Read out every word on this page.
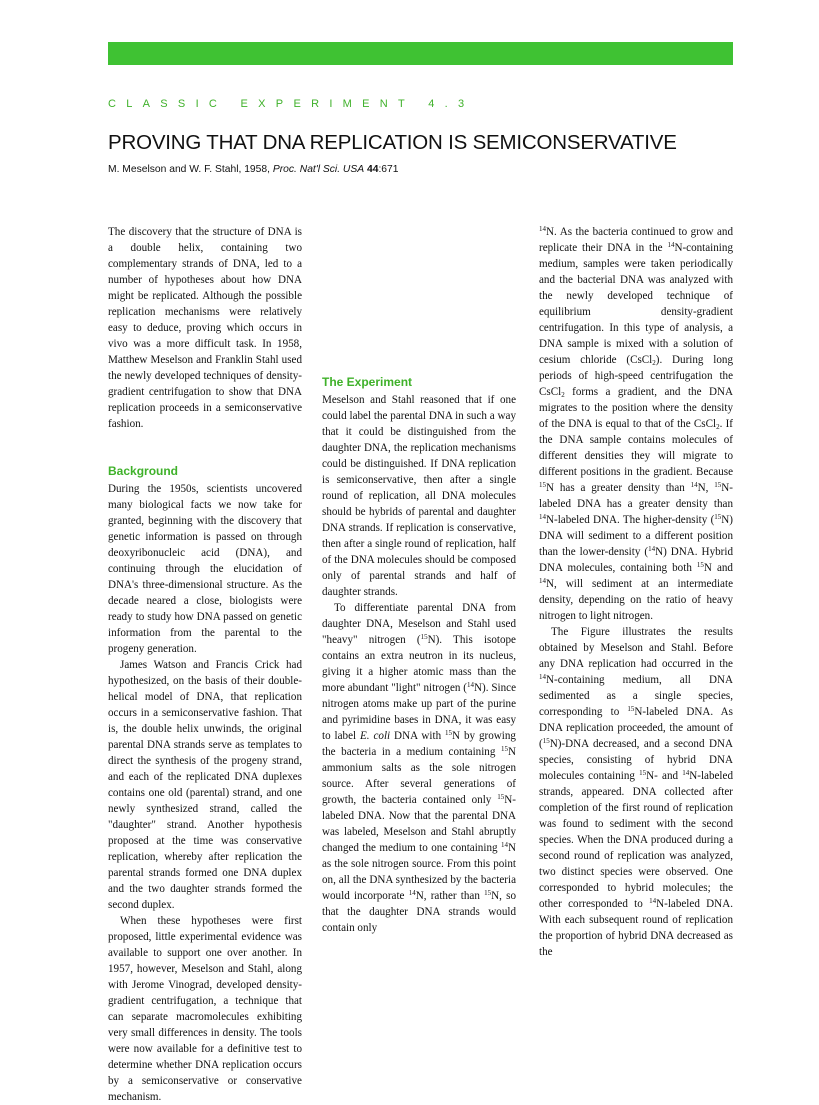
CLASSIC EXPERIMENT 4.3
PROVING THAT DNA REPLICATION IS SEMICONSERVATIVE
M. Meselson and W. F. Stahl, 1958, Proc. Nat'l Sci. USA 44:671

The discovery that the structure of DNA is a double helix, containing two complementary strands of DNA, led to a number of hypotheses about how DNA might be replicated. Although the possible replication mechanisms were relatively easy to deduce, proving which occurs in vivo was a more difficult task. In 1958, Matthew Meselson and Franklin Stahl used the newly developed techniques of density-gradient centrifugation to show that DNA replication proceeds in a semiconservative fashion.

Background

During the 1950s, scientists uncovered many biological facts we now take for granted, beginning with the discovery that genetic information is passed on through deoxyribonucleic acid (DNA), and continuing through the elucidation of DNA's three-dimensional structure. As the decade neared a close, biologists were ready to study how DNA passed on genetic information from the parental to the progeny generation.

James Watson and Francis Crick had hypothesized, on the basis of their double-helical model of DNA, that replication occurs in a semiconservative fashion. That is, the double helix unwinds, the original parental DNA strands serve as templates to direct the synthesis of the progeny strand, and each of the replicated DNA duplexes contains one old (parental) strand, and one newly synthesized strand, called the "daughter" strand. Another hypothesis proposed at the time was conservative replication, whereby after replication the parental strands formed one DNA duplex and the two daughter strands formed the second duplex.

When these hypotheses were first proposed, little experimental evidence was available to support one over another. In 1957, however, Meselson and Stahl, along with Jerome Vinograd, developed density-gradient centrifugation, a technique that can separate macromolecules exhibiting very small differences in density. The tools were now available for a definitive test to determine whether DNA replication occurs by a semiconservative or conservative mechanism.

The Experiment

Meselson and Stahl reasoned that if one could label the parental DNA in such a way that it could be distinguished from the daughter DNA, the replication mechanisms could be distinguished. If DNA replication is semiconservative, then after a single round of replication, all DNA molecules should be hybrids of parental and daughter DNA strands. If replication is conservative, then after a single round of replication, half of the DNA molecules should be composed only of parental strands and half of daughter strands.

To differentiate parental DNA from daughter DNA, Meselson and Stahl used "heavy" nitrogen ($^{15}$N). This isotope contains an extra neutron in its nucleus, giving it a higher atomic mass than the more abundant "light" nitrogen ($^{14}$N). Since nitrogen atoms make up part of the purine and pyrimidine bases in DNA, it was easy to label E. coli DNA with $^{15}$N by growing the bacteria in a medium containing $^{15}$N ammonium salts as the sole nitrogen source. After several generations of growth, the bacteria contained only $^{15}$N-labeled DNA. Now that the parental DNA was labeled, Meselson and Stahl abruptly changed the medium to one containing $^{14}$N as the sole nitrogen source. From this point on, all the DNA synthesized by the bacteria would incorporate $^{14}$N, rather than $^{15}$N, so that the daughter DNA strands would contain only

$^{14}$N. As the bacteria continued to grow and replicate their DNA in the $^{14}$N-containing medium, samples were taken periodically and the bacterial DNA was analyzed with the newly developed technique of equilibrium density-gradient centrifugation. In this type of analysis, a DNA sample is mixed with a solution of cesium chloride (CsCl$_2$). During long periods of high-speed centrifugation the CsCl$_2$ forms a gradient, and the DNA migrates to the position where the density of the DNA is equal to that of the CsCl$_2$. If the DNA sample contains molecules of different densities they will migrate to different positions in the gradient. Because $^{15}$N has a greater density than $^{14}$N, $^{15}$N-labeled DNA has a greater density than $^{14}$N-labeled DNA. The higher-density ($^{15}$N) DNA will sediment to a different position than the lower-density ($^{14}$N) DNA. Hybrid DNA molecules, containing both $^{15}$N and $^{14}$N, will sediment at an intermediate density, depending on the ratio of heavy nitrogen to light nitrogen.

The Figure illustrates the results obtained by Meselson and Stahl. Before any DNA replication had occurred in the $^{14}$N-containing medium, all DNA sedimented as a single species, corresponding to $^{15}$N-labeled DNA. As DNA replication proceeded, the amount of ($^{15}$N)-DNA decreased, and a second DNA species, consisting of hybrid DNA molecules containing $^{15}$N- and $^{14}$N-labeled strands, appeared. DNA collected after completion of the first round of replication was found to sediment with the second species. When the DNA produced during a second round of replication was analyzed, two distinct species were observed. One corresponded to hybrid molecules; the other corresponded to $^{14}$N-labeled DNA. With each subsequent round of replication the proportion of hybrid DNA decreased as the
